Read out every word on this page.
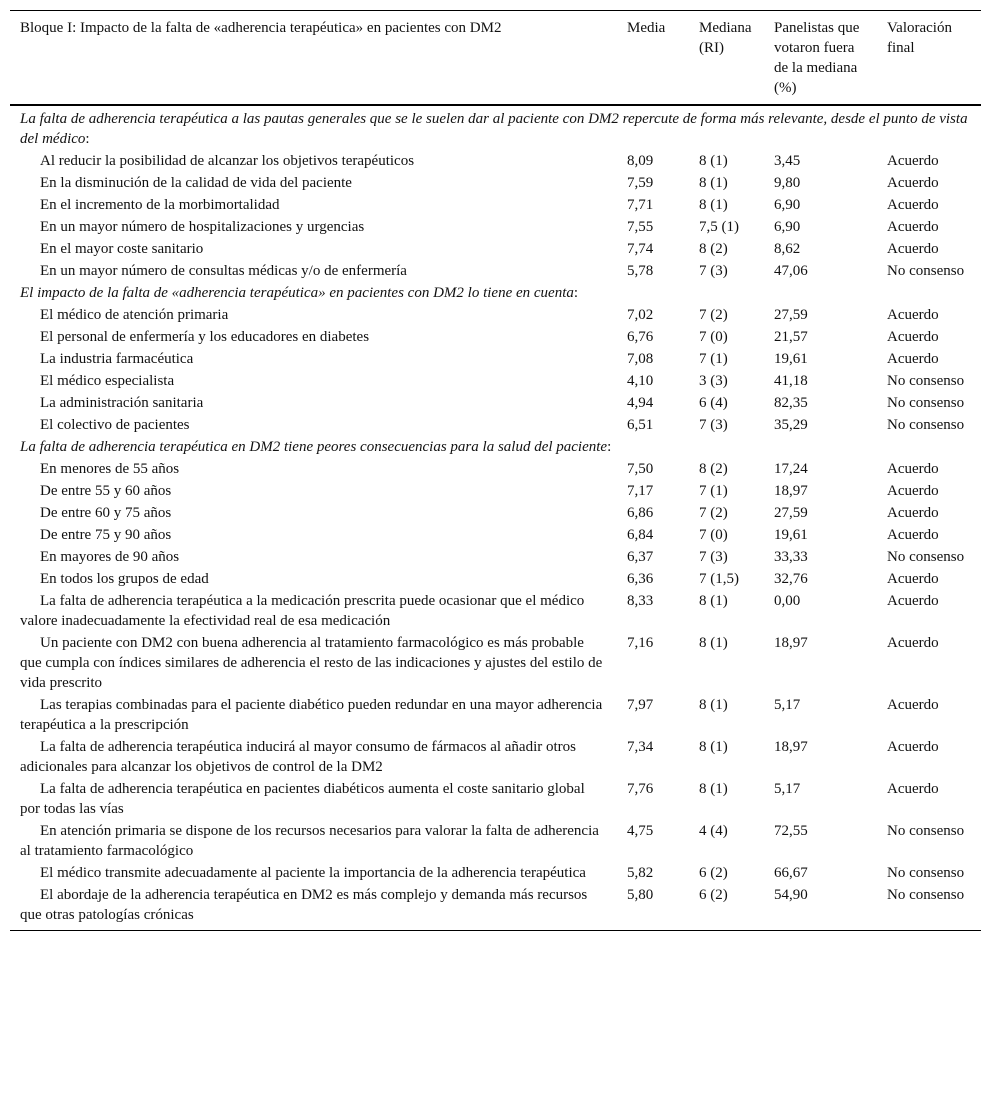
Bloque I: Impacto de la falta de «adherencia terapéutica» en pacientes con DM2	Media	Mediana (RI)	Panelistas que votaron fuera de la mediana (%)	Valoración final
La falta de adherencia terapéutica a las pautas generales que se le suelen dar al paciente con DM2 repercute de forma más relevante, desde el punto de vista del médico:				
Al reducir la posibilidad de alcanzar los objetivos terapéuticos	8,09	8 (1)	3,45	Acuerdo
En la disminución de la calidad de vida del paciente	7,59	8 (1)	9,80	Acuerdo
En el incremento de la morbimortalidad	7,71	8 (1)	6,90	Acuerdo
En un mayor número de hospitalizaciones y urgencias	7,55	7,5 (1)	6,90	Acuerdo
En el mayor coste sanitario	7,74	8 (2)	8,62	Acuerdo
En un mayor número de consultas médicas y/o de enfermería	5,78	7 (3)	47,06	No consenso
El impacto de la falta de «adherencia terapéutica» en pacientes con DM2 lo tiene en cuenta:				
El médico de atención primaria	7,02	7 (2)	27,59	Acuerdo
El personal de enfermería y los educadores en diabetes	6,76	7 (0)	21,57	Acuerdo
La industria farmacéutica	7,08	7 (1)	19,61	Acuerdo
El médico especialista	4,10	3 (3)	41,18	No consenso
La administración sanitaria	4,94	6 (4)	82,35	No consenso
El colectivo de pacientes	6,51	7 (3)	35,29	No consenso
La falta de adherencia terapéutica en DM2 tiene peores consecuencias para la salud del paciente:				
En menores de 55 años	7,50	8 (2)	17,24	Acuerdo
De entre 55 y 60 años	7,17	7 (1)	18,97	Acuerdo
De entre 60 y 75 años	6,86	7 (2)	27,59	Acuerdo
De entre 75 y 90 años	6,84	7 (0)	19,61	Acuerdo
En mayores de 90 años	6,37	7 (3)	33,33	No consenso
En todos los grupos de edad	6,36	7 (1,5)	32,76	Acuerdo
La falta de adherencia terapéutica a la medicación prescrita puede ocasionar que el médico valore inadecuadamente la efectividad real de esa medicación	8,33	8 (1)	0,00	Acuerdo
Un paciente con DM2 con buena adherencia al tratamiento farmacológico es más probable que cumpla con índices similares de adherencia el resto de las indicaciones y ajustes del estilo de vida prescrito	7,16	8 (1)	18,97	Acuerdo
Las terapias combinadas para el paciente diabético pueden redundar en una mayor adherencia terapéutica a la prescripción	7,97	8 (1)	5,17	Acuerdo
La falta de adherencia terapéutica inducirá al mayor consumo de fármacos al añadir otros adicionales para alcanzar los objetivos de control de la DM2	7,34	8 (1)	18,97	Acuerdo
La falta de adherencia terapéutica en pacientes diabéticos aumenta el coste sanitario global por todas las vías	7,76	8 (1)	5,17	Acuerdo
En atención primaria se dispone de los recursos necesarios para valorar la falta de adherencia al tratamiento farmacológico	4,75	4 (4)	72,55	No consenso
El médico transmite adecuadamente al paciente la importancia de la adherencia terapéutica	5,82	6 (2)	66,67	No consenso
El abordaje de la adherencia terapéutica en DM2 es más complejo y demanda más recursos que otras patologías crónicas	5,80	6 (2)	54,90	No consenso
